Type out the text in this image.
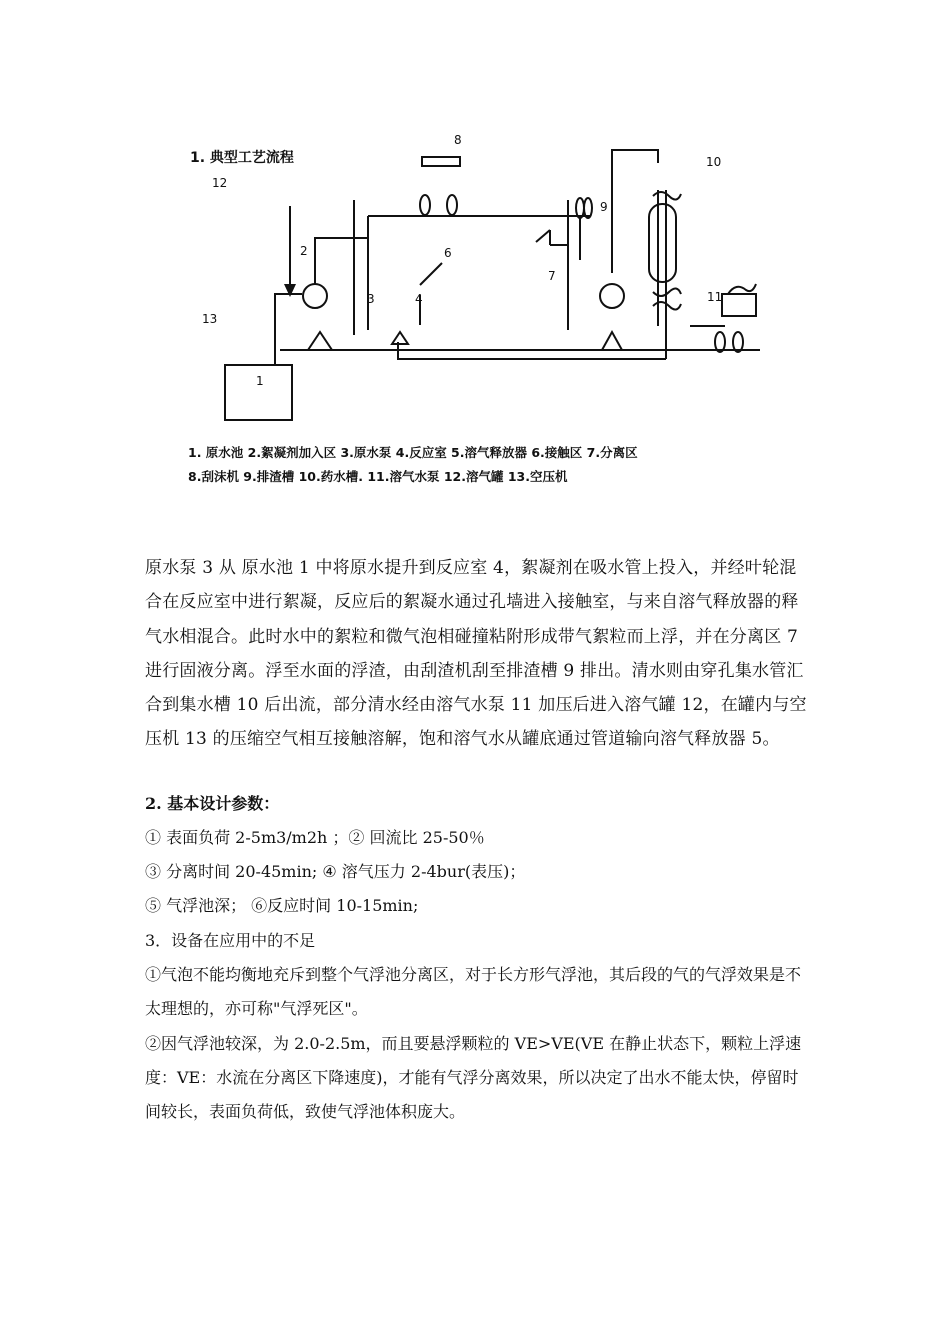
1. 典型工艺流程
12
13
1
2
3	4
6
7
8
9
10
11
1. 原水池 2.絮凝剂加入区 3.原水泵 4.反应室 5.溶气释放器 6.接触区 7.分离区
8.刮沫机 9.排渣槽 10.药水槽. 11.溶气水泵 12.溶气罐 13.空压机

原水泵 3 从 原水池 1 中将原水提升到反应室 4，絮凝剂在吸水管上投入，并经叶轮混合在反应室中进行絮凝，反应后的絮凝水通过孔墙进入接触室，与来自溶气释放器的释气水相混合。此时水中的絮粒和微气泡相碰撞粘附形成带气絮粒而上浮，并在分离区 7 进行固液分离。浮至水面的浮渣，由刮渣机刮至排渣槽 9 排出。清水则由穿孔集水管汇合到集水槽 10 后出流，部分清水经由溶气水泵 11 加压后进入溶气罐 12，在罐内与空压机 13 的压缩空气相互接触溶解，饱和溶气水从罐底通过管道输向溶气释放器 5。

2. 基本设计参数：

① 表面负荷 2-5m3/m2h ；② 回流比 25-50％

③ 分离时间 20-45min; ④ 溶气压力 2-4bur(表压)；

⑤ 气浮池深； ⑥反应时间 10-15min;

3．设备在应用中的不足

①气泡不能均衡地充斥到整个气浮池分离区，对于长方形气浮池，其后段的气的气浮效果是不太理想的，亦可称"气浮死区"。

②因气浮池较深，为 2.0-2.5m，而且要悬浮颗粒的 VE>VE(VE 在静止状态下，颗粒上浮速度：VE：水流在分离区下降速度)，才能有气浮分离效果，所以决定了出水不能太快，停留时间较长，表面负荷低，致使气浮池体积庞大。
